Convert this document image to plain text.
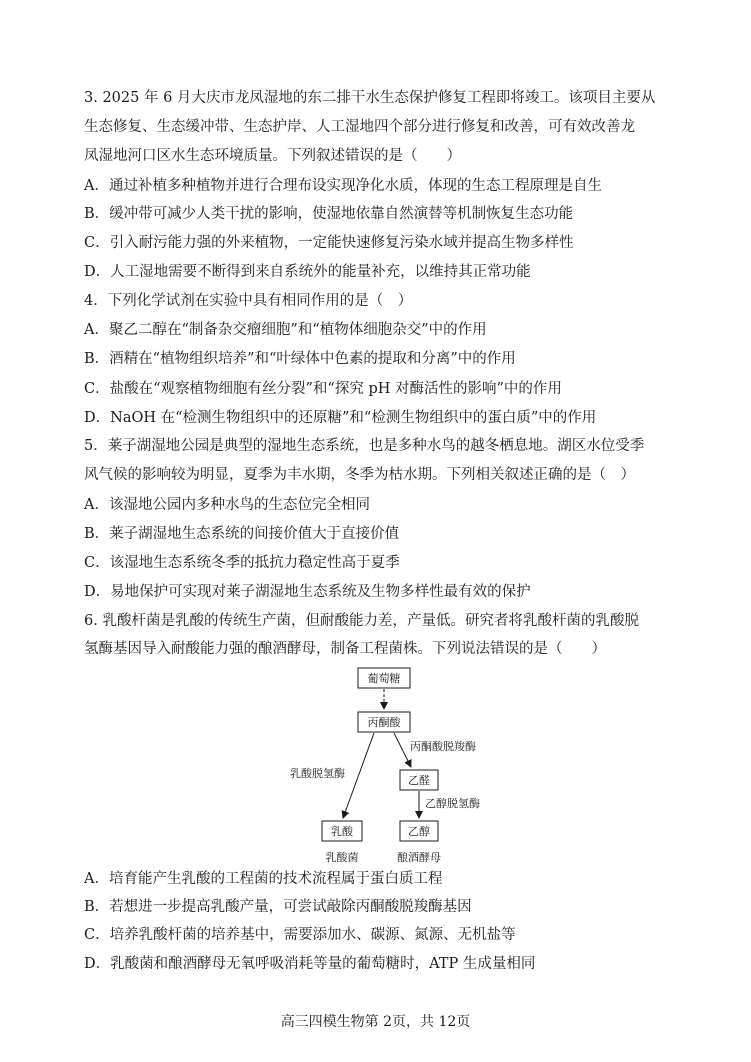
3. 2025 年 6 月大庆市龙凤湿地的东二排干水生态保护修复工程即将竣工。该项目主要从
生态修复、生态缓冲带、生态护岸、人工湿地四个部分进行修复和改善，可有效改善龙
凤湿地河口区水生态环境质量。下列叙述错误的是（　　）
A．通过补植多种植物并进行合理布设实现净化水质，体现的生态工程原理是自生
B．缓冲带可减少人类干扰的影响，使湿地依靠自然演替等机制恢复生态功能
C．引入耐污能力强的外来植物，一定能快速修复污染水域并提高生物多样性
D．人工湿地需要不断得到来自系统外的能量补充，以维持其正常功能
4．下列化学试剂在实验中具有相同作用的是（　）
A．聚乙二醇在“制备杂交瘤细胞”和“植物体细胞杂交”中的作用
B．酒精在“植物组织培养”和“叶绿体中色素的提取和分离”中的作用
C．盐酸在“观察植物细胞有丝分裂”和“探究 pH 对酶活性的影响”中的作用
D．NaOH 在“检测生物组织中的还原糖”和“检测生物组织中的蛋白质”中的作用
5．莱子湖湿地公园是典型的湿地生态系统，也是多种水鸟的越冬栖息地。湖区水位受季
风气候的影响较为明显，夏季为丰水期，冬季为枯水期。下列相关叙述正确的是（　）
A．该湿地公园内多种水鸟的生态位完全相同
B．莱子湖湿地生态系统的间接价值大于直接价值
C．该湿地生态系统冬季的抵抗力稳定性高于夏季
D．易地保护可实现对莱子湖湿地生态系统及生物多样性最有效的保护
6. 乳酸杆菌是乳酸的传统生产菌，但耐酸能力差，产量低。研究者将乳酸杆菌的乳酸脱
氢酶基因导入耐酸能力强的酿酒酵母，制备工程菌株。下列说法错误的是（　　）
葡萄糖
丙酮酸
乳酸脱氢酶
丙酮酸脱羧酶
乙醛
乙醇脱氢酶
乳酸	乙醇
乳酸菌	酿酒酵母
A．培育能产生乳酸的工程菌的技术流程属于蛋白质工程
B．若想进一步提高乳酸产量，可尝试敲除丙酮酸脱羧酶基因
C．培养乳酸杆菌的培养基中，需要添加水、碳源、氮源、无机盐等
D．乳酸菌和酿酒酵母无氧呼吸消耗等量的葡萄糖时，ATP 生成量相同
高三四模生物第 2页，共 12页
